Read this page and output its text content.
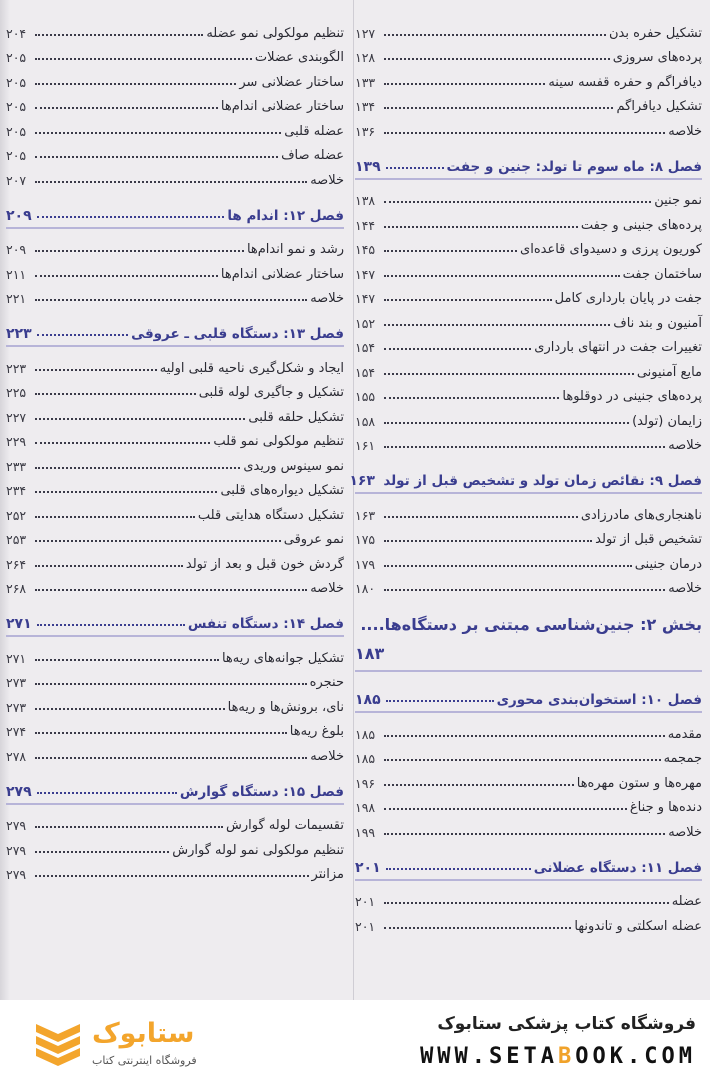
تشکیل حفره بدن
۱۲۷
پرده‌های سروزی
۱۲۸
دیافراگم و حفره قفسه سینه
۱۳۳
تشکیل دیافراگم
۱۳۴
خلاصه
۱۳۶
فصل ۸: ماه سوم تا تولد: جنین و جفت
۱۳۹
نمو جنین
۱۳۸
پرده‌های جنینی و جفت
۱۴۴
کوریون پرزی و دسیدوای قاعده‌ای
۱۴۵
ساختمان جفت
۱۴۷
جفت در پایان بارداری کامل
۱۴۷
آمنیون و بند ناف
۱۵۲
تغییرات جفت در انتهای بارداری
۱۵۴
مایع آمنیونی
۱۵۴
پرده‌های جنینی در دوقلوها
۱۵۵
زایمان (تولد)
۱۵۸
خلاصه
۱۶۱
فصل ۹: نقائص زمان تولد و تشخیص قبل از تولد
۱۶۳
ناهنجاری‌های مادرزادی
۱۶۳
تشخیص قبل از تولد
۱۷۵
درمان جنینی
۱۷۹
خلاصه
۱۸۰
بخش ۲: جنین‌شناسی مبتنی بر دستگاه‌ها....
۱۸۳
فصل ۱۰: استخوان‌بندی محوری
۱۸۵
مقدمه
۱۸۵
جمجمه
۱۸۵
مهره‌ها و ستون مهره‌ها
۱۹۶
دنده‌ها و جناغ
۱۹۸
خلاصه
۱۹۹
فصل ۱۱: دستگاه عضلانی
۲۰۱
عضله
۲۰۱
عضله اسکلتی و تاندونها
۲۰۱
تنظیم مولکولی نمو عضله
۲۰۴
الگوبندی عضلات
۲۰۵
ساختار عضلانی سر
۲۰۵
ساختار عضلانی اندام‌ها
۲۰۵
عضله قلبی
۲۰۵
عضله صاف
۲۰۵
خلاصه
۲۰۷
فصل ۱۲: اندام ها
۲۰۹
رشد و نمو اندام‌ها
۲۰۹
ساختار عضلانی اندام‌ها
۲۱۱
خلاصه
۲۲۱
فصل ۱۳: دستگاه قلبی ـ عروقی
۲۲۳
ایجاد و شکل‌گیری ناحیه قلبی اولیه
۲۲۳
تشکیل و جاگیری لوله قلبی
۲۲۵
تشکیل حلقه قلبی
۲۲۷
تنظیم مولکولی نمو قلب
۲۲۹
نمو سینوس وریدی
۲۳۳
تشکیل دیواره‌های قلبی
۲۳۴
تشکیل دستگاه هدایتی قلب
۲۵۲
نمو عروقی
۲۵۳
گردش خون قبل و بعد از تولد
۲۶۴
خلاصه
۲۶۸
فصل ۱۴: دستگاه تنفس
۲۷۱
تشکیل جوانه‌های ریه‌ها
۲۷۱
حنجره
۲۷۳
نای، برونش‌ها و ریه‌ها
۲۷۳
بلوغ ریه‌ها
۲۷۴
خلاصه
۲۷۸
فصل ۱۵: دستگاه گوارش
۲۷۹
تقسیمات لوله گوارش
۲۷۹
تنظیم مولکولی نمو لوله گوارش
۲۷۹
مزانتر
۲۷۹
فروشگاه کتاب پزشکی ستابوک
WWW.SETABOOK.COM
ستابوک
فروشگاه اینترنتی کتاب
